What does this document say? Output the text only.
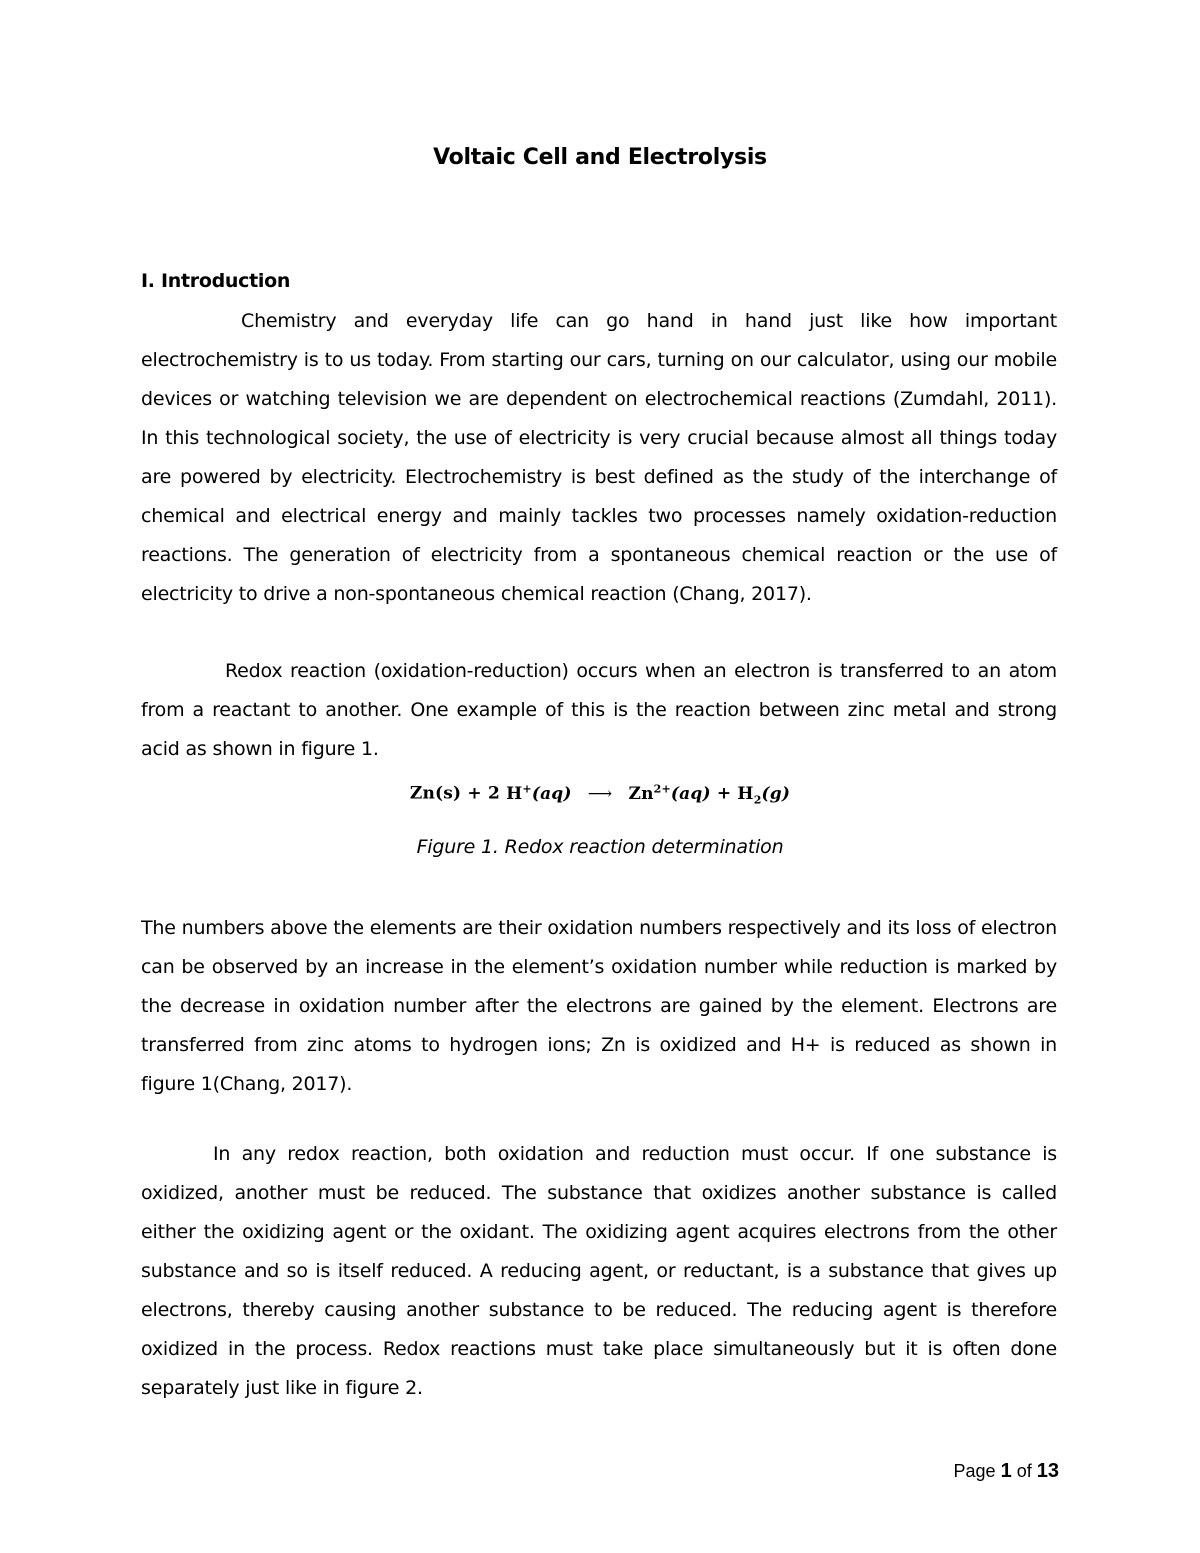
Voltaic Cell and Electrolysis
I. Introduction

Chemistry and everyday life can go hand in hand just like how important electrochemistry is to us today. From starting our cars, turning on our calculator, using our mobile devices or watching television we are dependent on electrochemical reactions (Zumdahl, 2011). In this technological society, the use of electricity is very crucial because almost all things today are powered by electricity. Electrochemistry is best defined as the study of the interchange of chemical and electrical energy and mainly tackles two processes namely oxidation-reduction reactions. The generation of electricity from a spontaneous chemical reaction or the use of electricity to drive a non-spontaneous chemical reaction (Chang, 2017).

Redox reaction (oxidation-reduction) occurs when an electron is transferred to an atom from a reactant to another. One example of this is the reaction between zinc metal and strong acid as shown in figure 1.

Zn(s) + 2 H+(aq) ⟶ $Zn^{2+}(aq) + H_2(g)$
Figure 1. Redox reaction determination

The numbers above the elements are their oxidation numbers respectively and its loss of electron can be observed by an increase in the element’s oxidation number while reduction is marked by the decrease in oxidation number after the electrons are gained by the element. Electrons are transferred from zinc atoms to hydrogen ions; Zn is oxidized and H+ is reduced as shown in figure 1(Chang, 2017).

In any redox reaction, both oxidation and reduction must occur. If one substance is oxidized, another must be reduced. The substance that oxidizes another substance is called either the oxidizing agent or the oxidant. The oxidizing agent acquires electrons from the other substance and so is itself reduced. A reducing agent, or reductant, is a substance that gives up electrons, thereby causing another substance to be reduced. The reducing agent is therefore oxidized in the process. Redox reactions must take place simultaneously but it is often done separately just like in figure 2.

Page 1 of 13
